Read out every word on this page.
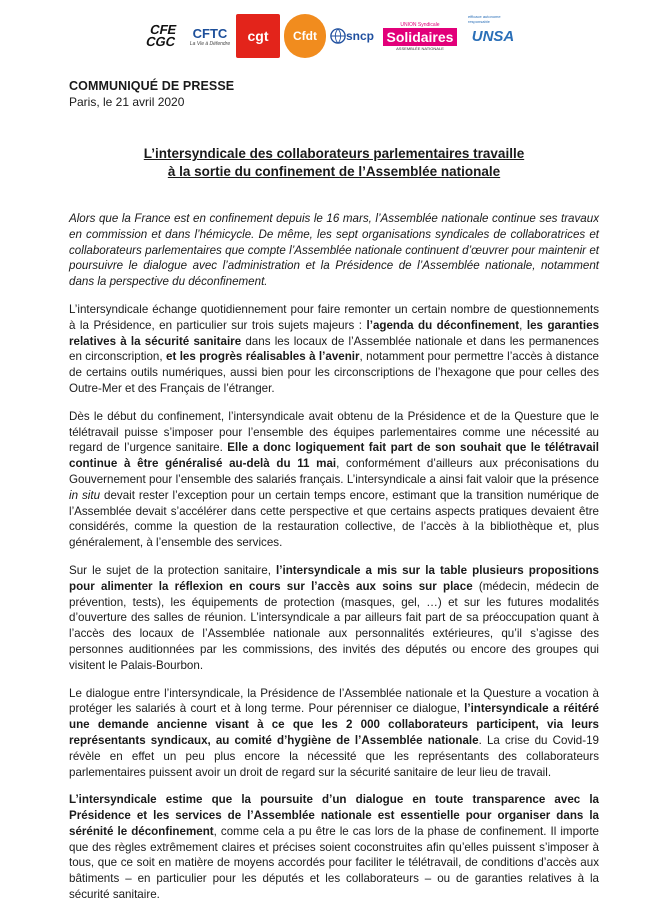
CFE CGC
CFTC
La Vie à Défendre cgt Cfdt sncp
UNION Syndicale
Solidaires
ASSEMBLÉE NATIONALE
efficace autonome responsable
UNSA
COMMUNIQUÉ DE PRESSE
Paris, le 21 avril 2020
L’intersyndicale des collaborateurs parlementaires travaille
à la sortie du confinement de l’Assemblée nationale

Alors que la France est en confinement depuis le 16 mars, l’Assemblée nationale continue ses travaux en commission et dans l’hémicycle. De même, les sept organisations syndicales de collaboratrices et collaborateurs parlementaires que compte l’Assemblée nationale continuent d’œuvrer pour maintenir et poursuivre le dialogue avec l’administration et la Présidence de l’Assemblée nationale, notamment dans la perspective du déconfinement.

L’intersyndicale échange quotidiennement pour faire remonter un certain nombre de questionnements à la Présidence, en particulier sur trois sujets majeurs : l’agenda du déconfinement, les garanties relatives à la sécurité sanitaire dans les locaux de l’Assemblée nationale et dans les permanences en circonscription, et les progrès réalisables à l’avenir, notamment pour permettre l’accès à distance de certains outils numériques, aussi bien pour les circonscriptions de l’hexagone que pour celles des Outre-Mer et des Français de l’étranger.

Dès le début du confinement, l’intersyndicale avait obtenu de la Présidence et de la Questure que le télétravail puisse s’imposer pour l’ensemble des équipes parlementaires comme une nécessité au regard de l’urgence sanitaire. Elle a donc logiquement fait part de son souhait que le télétravail continue à être généralisé au-delà du 11 mai, conformément d’ailleurs aux préconisations du Gouvernement pour l’ensemble des salariés français. L’intersyndicale a ainsi fait valoir que la présence in situ devait rester l’exception pour un certain temps encore, estimant que la transition numérique de l’Assemblée devait s’accélérer dans cette perspective et que certains aspects pratiques devaient être considérés, comme la question de la restauration collective, de l’accès à la bibliothèque et, plus généralement, à l’ensemble des services.

Sur le sujet de la protection sanitaire, l’intersyndicale a mis sur la table plusieurs propositions pour alimenter la réflexion en cours sur l’accès aux soins sur place (médecin, médecin de prévention, tests), les équipements de protection (masques, gel, …) et sur les futures modalités d’ouverture des salles de réunion. L’intersyndicale a par ailleurs fait part de sa préoccupation quant à l’accès des locaux de l’Assemblée nationale aux personnalités extérieures, qu’il s’agisse des personnes auditionnées par les commissions, des invités des députés ou encore des groupes qui visitent le Palais-Bourbon.

Le dialogue entre l’intersyndicale, la Présidence de l’Assemblée nationale et la Questure a vocation à protéger les salariés à court et à long terme. Pour pérenniser ce dialogue, l’intersyndicale a réitéré une demande ancienne visant à ce que les 2 000 collaborateurs participent, via leurs représentants syndicaux, au comité d’hygiène de l’Assemblée nationale. La crise du Covid-19 révèle en effet un peu plus encore la nécessité que les représentants des collaborateurs parlementaires puissent avoir un droit de regard sur la sécurité sanitaire de leur lieu de travail.

L’intersyndicale estime que la poursuite d’un dialogue en toute transparence avec la Présidence et les services de l’Assemblée nationale est essentielle pour organiser dans la sérénité le déconfinement, comme cela a pu être le cas lors de la phase de confinement. Il importe que des règles extrêmement claires et précises soient coconstruites afin qu’elles puissent s’imposer à tous, que ce soit en matière de moyens accordés pour faciliter le télétravail, de conditions d’accès aux bâtiments – en particulier pour les députés et les collaborateurs – ou de garanties relatives à la sécurité sanitaire.
